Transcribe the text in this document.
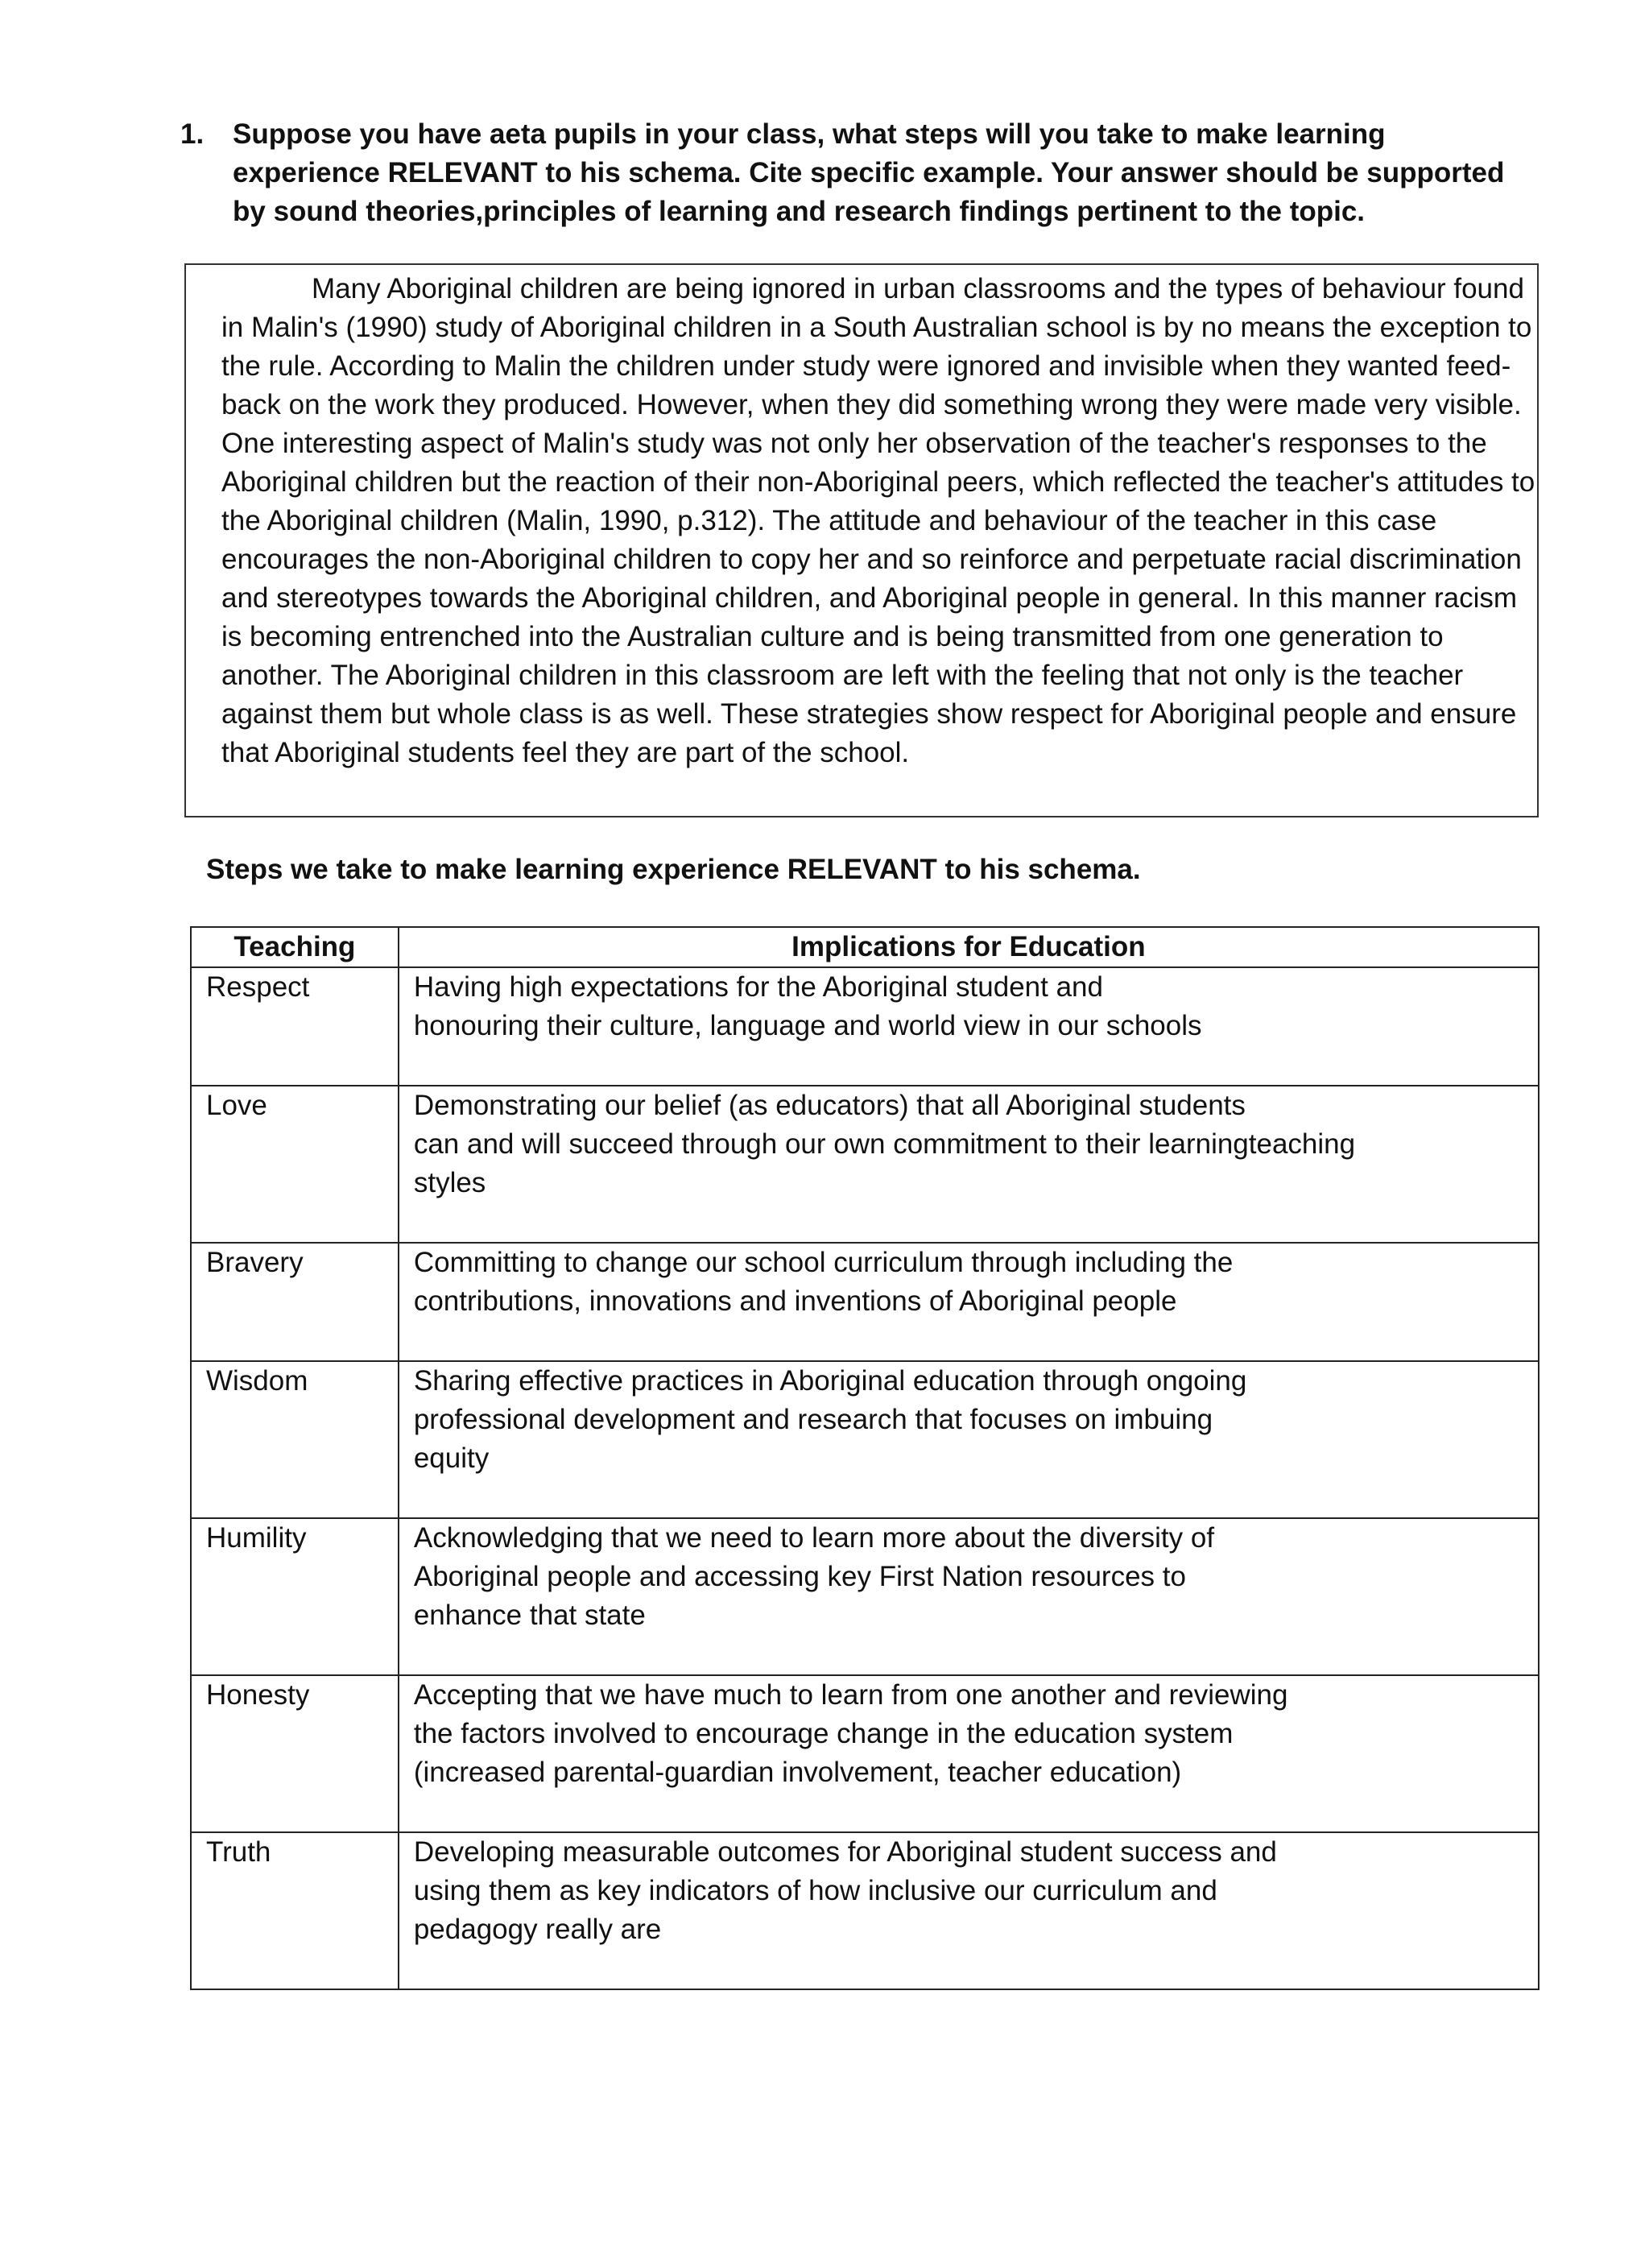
1. Suppose you have aeta pupils in your class, what steps will you take to make learning experience RELEVANT to his schema. Cite specific example. Your answer should be supported by sound theories,principles of learning and research findings pertinent to the topic.
Many Aboriginal children are being ignored in urban classrooms and the types of behaviour found in Malin's (1990) study of Aboriginal children in a South Australian school is by no means the exception to the rule. According to Malin the children under study were ignored and invisible when they wanted feed-back on the work they produced. However, when they did something wrong they were made very visible. One interesting aspect of Malin's study was not only her observation of the teacher's responses to the Aboriginal children but the reaction of their non-Aboriginal peers, which reflected the teacher's attitudes to the Aboriginal children (Malin, 1990, p.312). The attitude and behaviour of the teacher in this case encourages the non-Aboriginal children to copy her and so reinforce and perpetuate racial discrimination and stereotypes towards the Aboriginal children, and Aboriginal people in general. In this manner racism is becoming entrenched into the Australian culture and is being transmitted from one generation to another. The Aboriginal children in this classroom are left with the feeling that not only is the teacher against them but whole class is as well. These strategies show respect for Aboriginal people and ensure that Aboriginal students feel they are part of the school.
Steps we take to make learning experience RELEVANT to his schema.
Teaching	Implications for Education
Respect	Having high expectations for the Aboriginal student and
honouring their culture, language and world view in our schools

Love	Demonstrating our belief (as educators) that all Aboriginal students
can and will succeed through our own commitment to their learningteaching
styles

Bravery	Committing to change our school curriculum through including the
contributions, innovations and inventions of Aboriginal people

Wisdom	Sharing effective practices in Aboriginal education through ongoing
professional development and research that focuses on imbuing
equity

Humility	Acknowledging that we need to learn more about the diversity of
Aboriginal people and accessing key First Nation resources to
enhance that state

Honesty	Accepting that we have much to learn from one another and reviewing
the factors involved to encourage change in the education system
(increased parental-guardian involvement, teacher education)

Truth	Developing measurable outcomes for Aboriginal student success and
using them as key indicators of how inclusive our curriculum and
pedagogy really are
